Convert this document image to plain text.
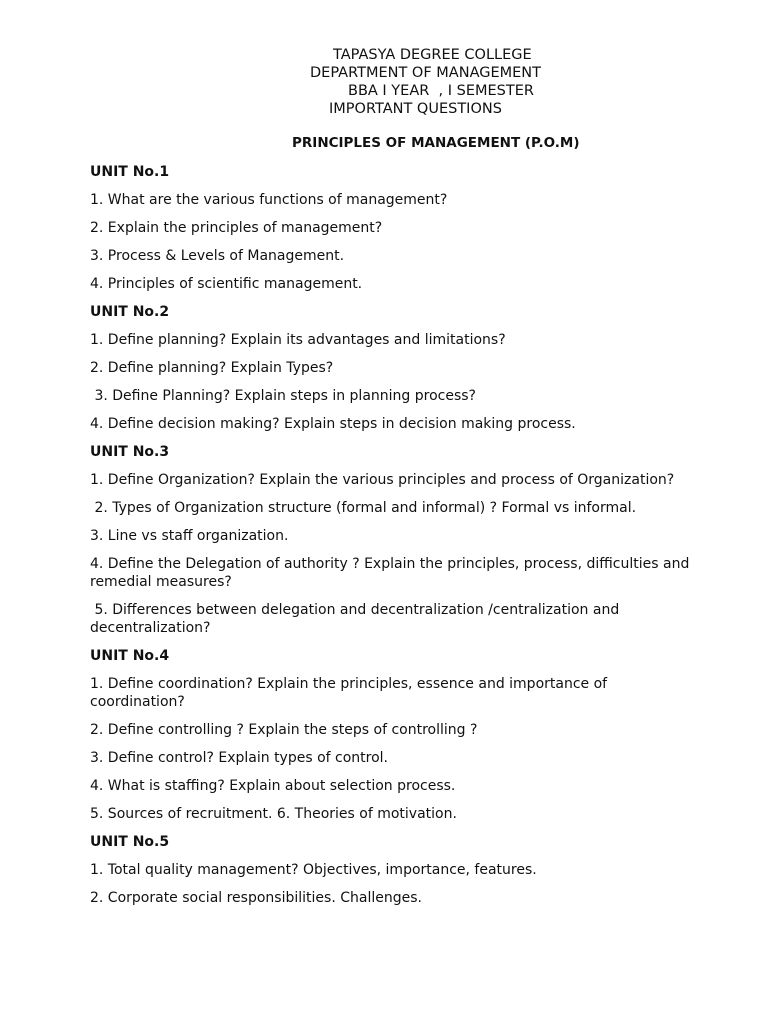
TAPASYA DEGREE COLLEGE
DEPARTMENT OF MANAGEMENT
BBA I YEAR  , I SEMESTER
IMPORTANT QUESTIONS
PRINCIPLES OF MANAGEMENT (P.O.M)
UNIT No.1
1. What are the various functions of management?
2. Explain the principles of management?
3. Process & Levels of Management.
4. Principles of scientific management.
UNIT No.2
1. Define planning? Explain its advantages and limitations?
2. Define planning? Explain Types?
3. Define Planning? Explain steps in planning process?
4. Define decision making? Explain steps in decision making process.
UNIT No.3
1. Define Organization? Explain the various principles and process of Organization?
2. Types of Organization structure (formal and informal) ? Formal vs informal.
3. Line vs staff organization.
4. Define the Delegation of authority ? Explain the principles, process, difficulties and remedial measures?
5. Differences between delegation and decentralization /centralization and decentralization?
UNIT No.4
1. Define coordination? Explain the principles, essence and importance of coordination?
2. Define controlling ? Explain the steps of controlling ?
3. Define control? Explain types of control.
4. What is staffing? Explain about selection process.
5. Sources of recruitment. 6. Theories of motivation.
UNIT No.5
1. Total quality management? Objectives, importance, features.
2. Corporate social responsibilities. Challenges.
